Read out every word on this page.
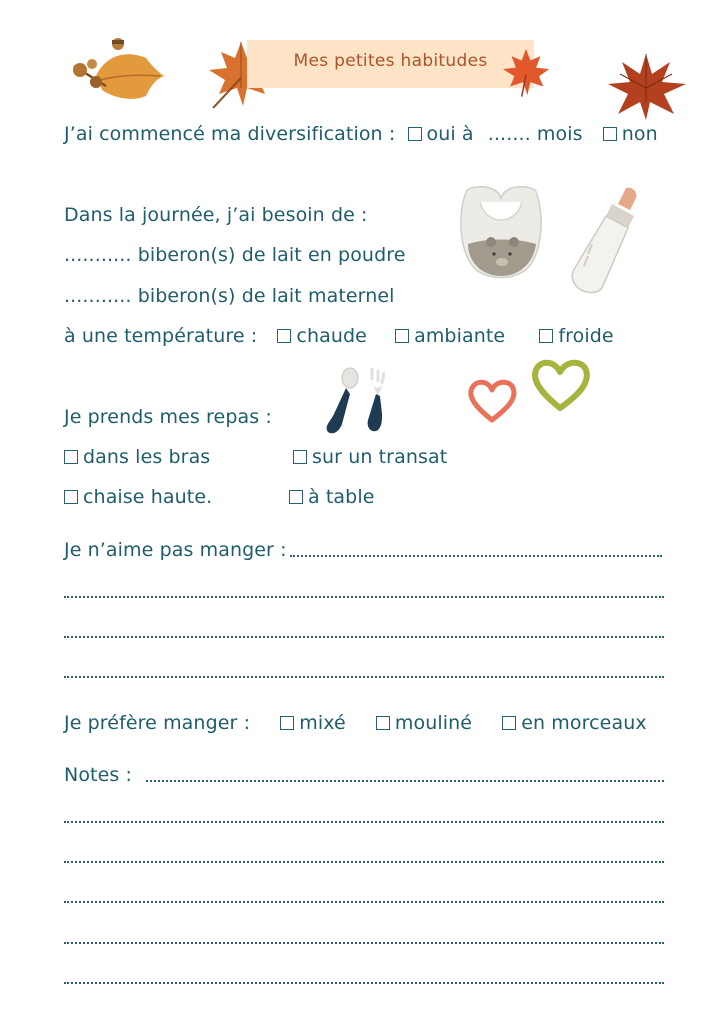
Mes petites habitudes
J’ai commencé ma diversification : oui à ....... mois non
Dans la journée, j’ai besoin de :
........... biberon(s) de lait en poudre
........... biberon(s) de lait maternel
à une température : chaude ambiante	froide
Je prends mes repas :
dans les bras	sur un transat
chaise haute.	à table
Je n’aime pas manger :
Je préfère manger :	mixé	mouliné	en morceaux
Notes :
